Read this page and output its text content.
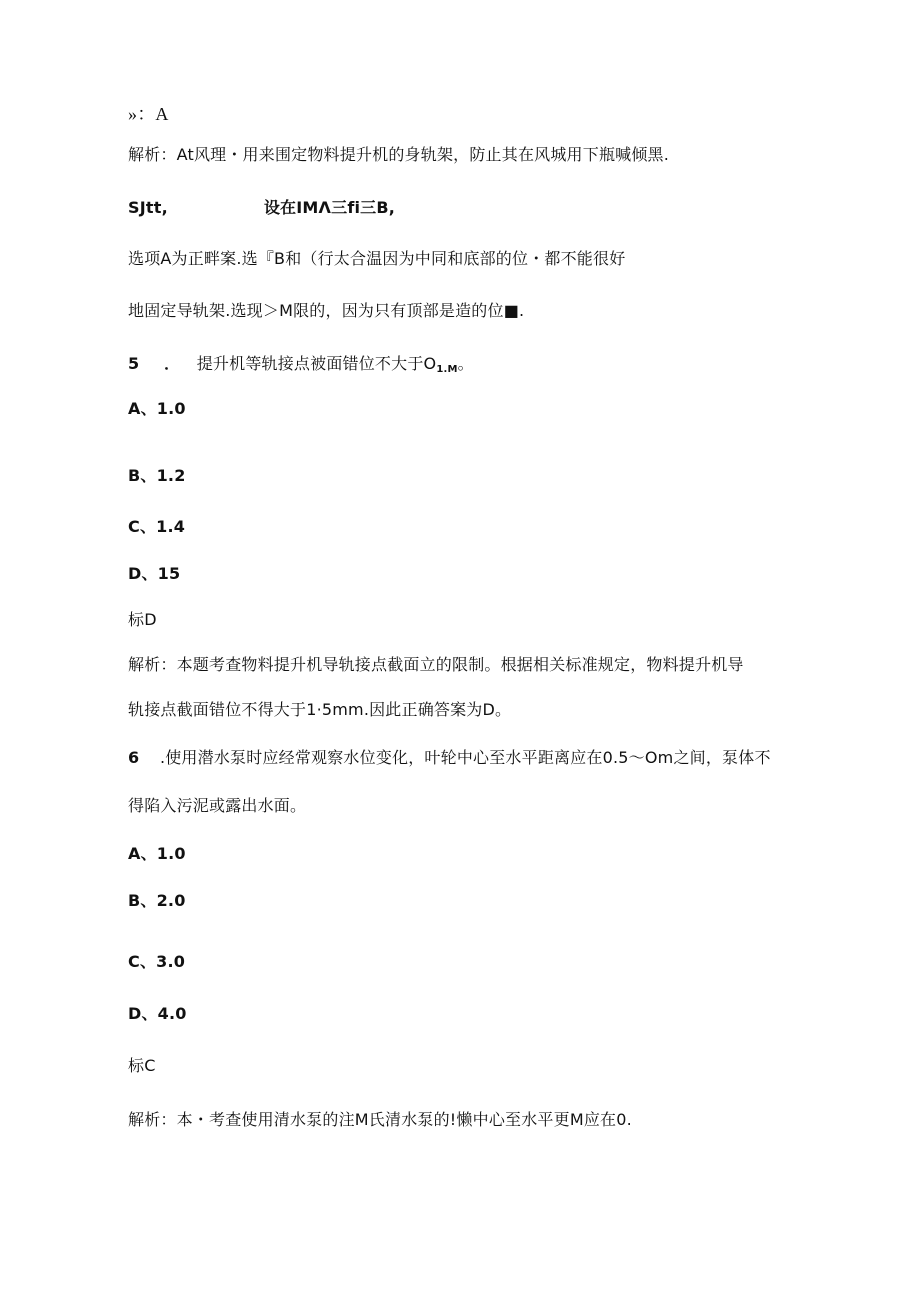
»：A
解析：At风理・用来围定物料提升机的身轨架，防止其在风城用下瓶喊倾黑.
SJtt,	设在IMΛ三fi三B,
选项A为正畔案.选『B和（行太合温因为中同和底部的位・都不能很好
地固定导轨架.选现＞M限的，因为只有顶部是造的位■.
5 ． 提升机等轨接点被面错位不大于$O_{1.M}$。
A、1.0
B、1.2
C、1.4
D、15
标D
解析：本题考查物料提升机导轨接点截面立的限制。根据相关标准规定，物料提升机导
轨接点截面错位不得大于1·5mm.因此正确答案为D。
6 .使用潜水泵时应经常观察水位变化，叶轮中心至水平距离应在0.5～Om之间，泵体不
得陷入污泥或露出水面。
A、1.0
B、2.0
C、3.0
D、4.0
标C
解析：本・考查使用清水泵的注M氏清水泵的!懒中心至水平更M应在0.
